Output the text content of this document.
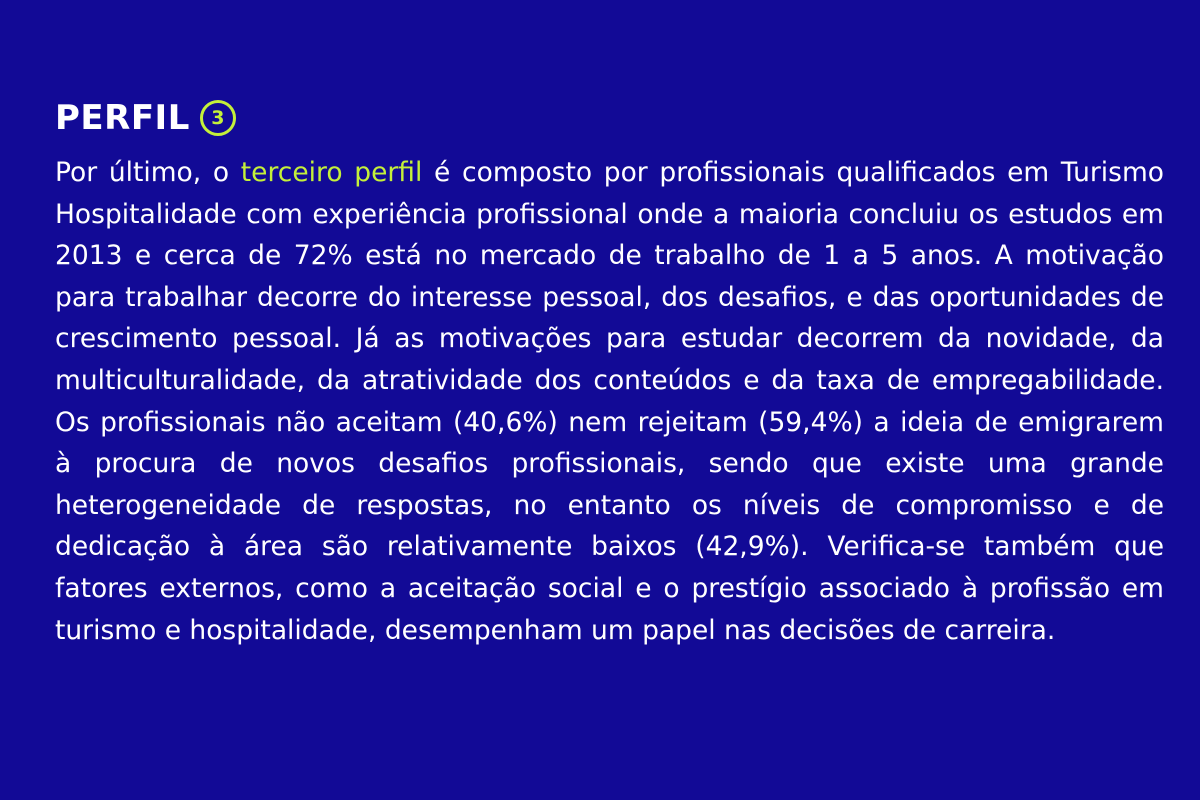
PERFIL 3

Por último, o terceiro perfil é composto por profissionais qualificados em Turismo Hospitalidade com experiência profissional onde a maioria concluiu os estudos em 2013 e cerca de 72% está no mercado de trabalho de 1 a 5 anos. A motivação para trabalhar decorre do interesse pessoal, dos desafios, e das oportunidades de crescimento pessoal. Já as motivações para estudar decorrem da novidade, da multiculturalidade, da atratividade dos conteúdos e da taxa de empregabilidade. Os profissionais não aceitam (40,6%) nem rejeitam (59,4%) a ideia de emigrarem à procura de novos desafios profissionais, sendo que existe uma grande heterogeneidade de respostas, no entanto os níveis de compromisso e de dedicação à área são relativamente baixos (42,9%). Verifica-se também que fatores externos, como a aceitação social e o prestígio associado à profissão em turismo e hospitalidade, desempenham um papel nas decisões de carreira.
